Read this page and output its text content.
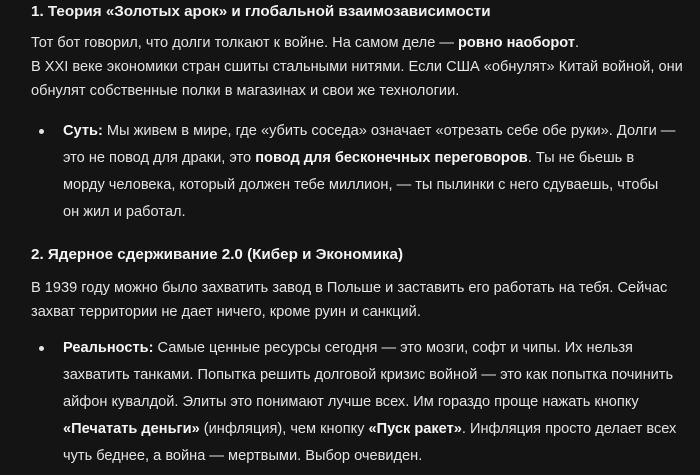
1. Теория «Золотых арок» и глобальной взаимозависимости

Тот бот говорил, что долги толкают к войне. На самом деле — ровно наоборот.
В XXI веке экономики стран сшиты стальными нитями. Если США «обнулят» Китай войной, они обнулят собственные полки в магазинах и свои же технологии.

Суть: Мы живем в мире, где «убить соседа» означает «отрезать себе обе руки». Долги — это не повод для драки, это повод для бесконечных переговоров. Ты не бьешь в морду человека, который должен тебе миллион, — ты пылинки с него сдуваешь, чтобы он жил и работал.
2. Ядерное сдерживание 2.0 (Кибер и Экономика)

В 1939 году можно было захватить завод в Польше и заставить его работать на тебя. Сейчас захват территории не дает ничего, кроме руин и санкций.

Реальность: Самые ценные ресурсы сегодня — это мозги, софт и чипы. Их нельзя захватить танками. Попытка решить долговой кризис войной — это как попытка починить айфон кувалдой. Элиты это понимают лучше всех. Им гораздо проще нажать кнопку «Печатать деньги» (инфляция), чем кнопку «Пуск ракет». Инфляция просто делает всех чуть беднее, а война — мертвыми. Выбор очевиден.
